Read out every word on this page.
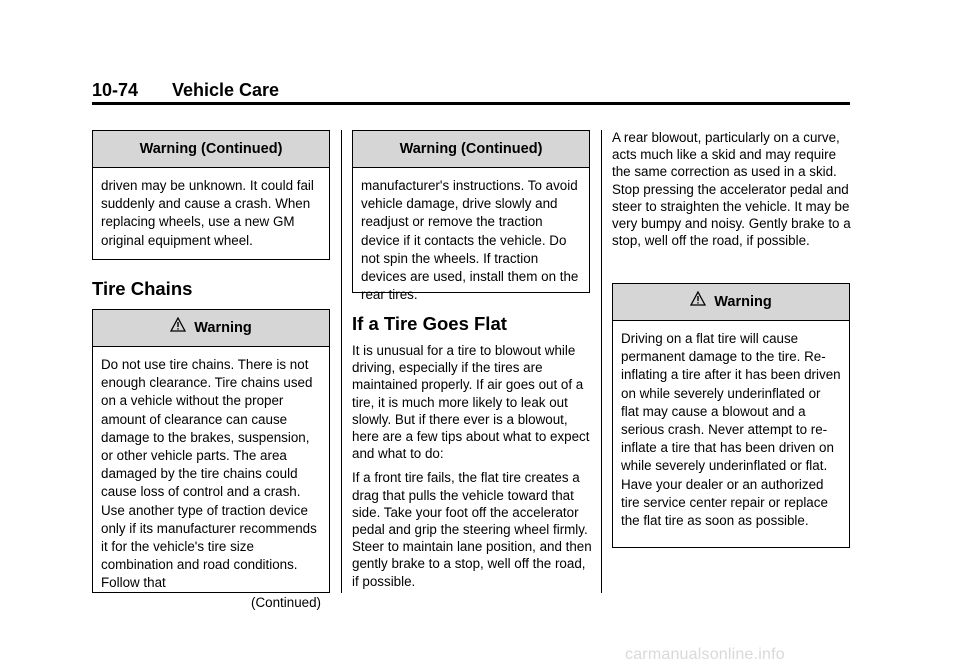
10-74 Vehicle Care
Warning (Continued)
driven may be unknown. It could fail suddenly and cause a crash. When replacing wheels, use a new GM original equipment wheel.
Tire Chains
Warning
Do not use tire chains. There is not enough clearance. Tire chains used on a vehicle without the proper amount of clearance can cause damage to the brakes, suspension, or other vehicle parts. The area damaged by the tire chains could cause loss of control and a crash. Use another type of traction device only if its manufacturer recommends it for the vehicle's tire size combination and road conditions. Follow that
(Continued)
Warning (Continued)
manufacturer's instructions. To avoid vehicle damage, drive slowly and readjust or remove the traction device if it contacts the vehicle. Do not spin the wheels. If traction devices are used, install them on the rear tires.
If a Tire Goes Flat

It is unusual for a tire to blowout while driving, especially if the tires are maintained properly. If air goes out of a tire, it is much more likely to leak out slowly. But if there ever is a blowout, here are a few tips about what to expect and what to do:

If a front tire fails, the flat tire creates a drag that pulls the vehicle toward that side. Take your foot off the accelerator pedal and grip the steering wheel firmly. Steer to maintain lane position, and then gently brake to a stop, well off the road, if possible.

A rear blowout, particularly on a curve, acts much like a skid and may require the same correction as used in a skid. Stop pressing the accelerator pedal and steer to straighten the vehicle. It may be very bumpy and noisy. Gently brake to a stop, well off the road, if possible.

Warning
Driving on a flat tire will cause permanent damage to the tire. Re-inflating a tire after it has been driven on while severely underinflated or flat may cause a blowout and a serious crash. Never attempt to re-inflate a tire that has been driven on while severely underinflated or flat. Have your dealer or an authorized tire service center repair or replace the flat tire as soon as possible.
carmanualsonline.info
